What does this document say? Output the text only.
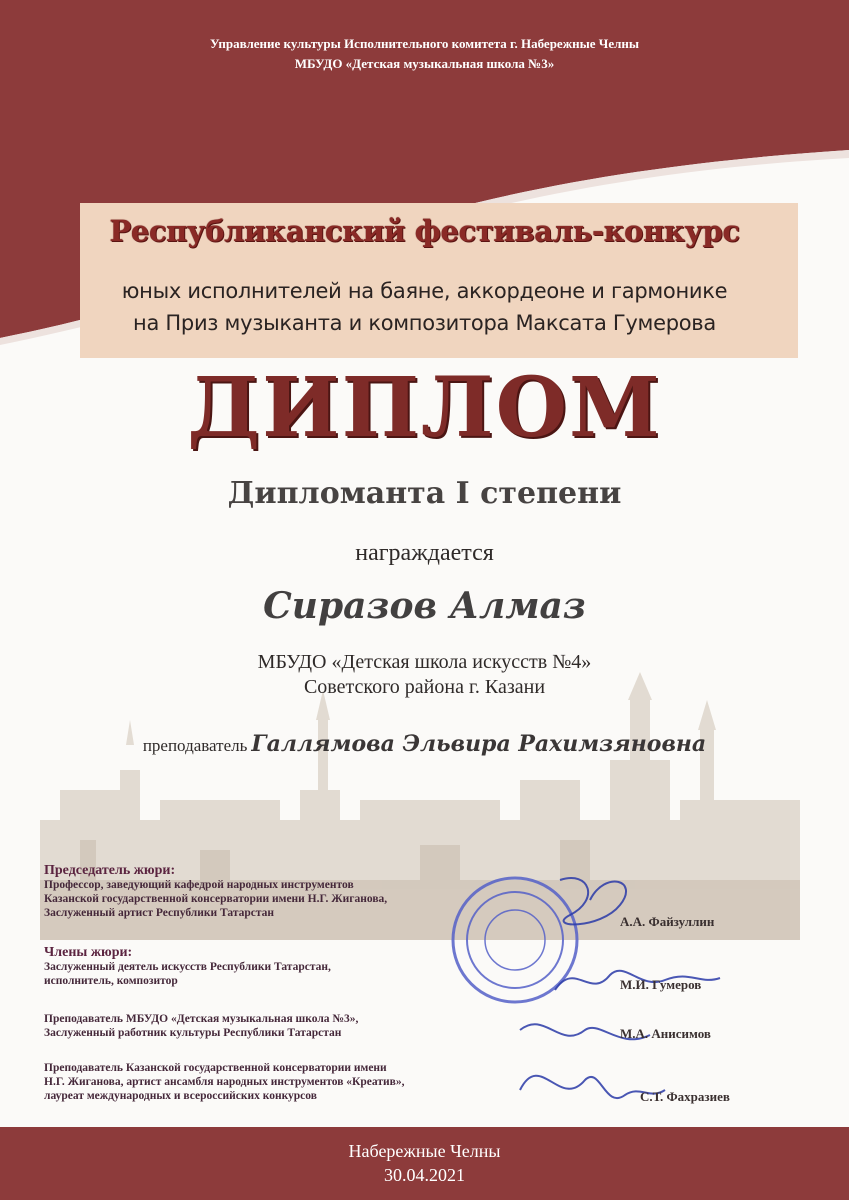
Управление культуры Исполнительного комитета г. Набережные Челны
МБУДО «Детская музыкальная школа №3»
Республиканский фестиваль-конкурс
юных исполнителей на баяне, аккордеоне и гармонике
на Приз музыканта и композитора Максата Гумерова
ДИПЛОМ
Дипломанта I степени
награждается
Сиразов Алмаз
МБУДО «Детская школа искусств №4»
Советского района г. Казани
преподаватель Галлямова Эльвира Рахимзяновна
Председатель жюри:
Профессор, заведующий кафедрой народных инструментов
Казанской государственной консерватории имени Н.Г. Жиганова,
Заслуженный артист Республики Татарстан
А.А. Файзуллин
Члены жюри:
Заслуженный деятель искусств Республики Татарстан,
исполнитель, композитор	М.И. Гумеров
Преподаватель МБУДО «Детская музыкальная школа №3»,
Заслуженный работник культуры Республики Татарстан	М.А. Анисимов
Преподаватель Казанской государственной консерватории имени
Н.Г. Жиганова, артист ансамбля народных инструментов «Креатив»,
лауреат международных и всероссийских конкурсов	С.Т. Фахразиев
Набережные Челны
30.04.2021
